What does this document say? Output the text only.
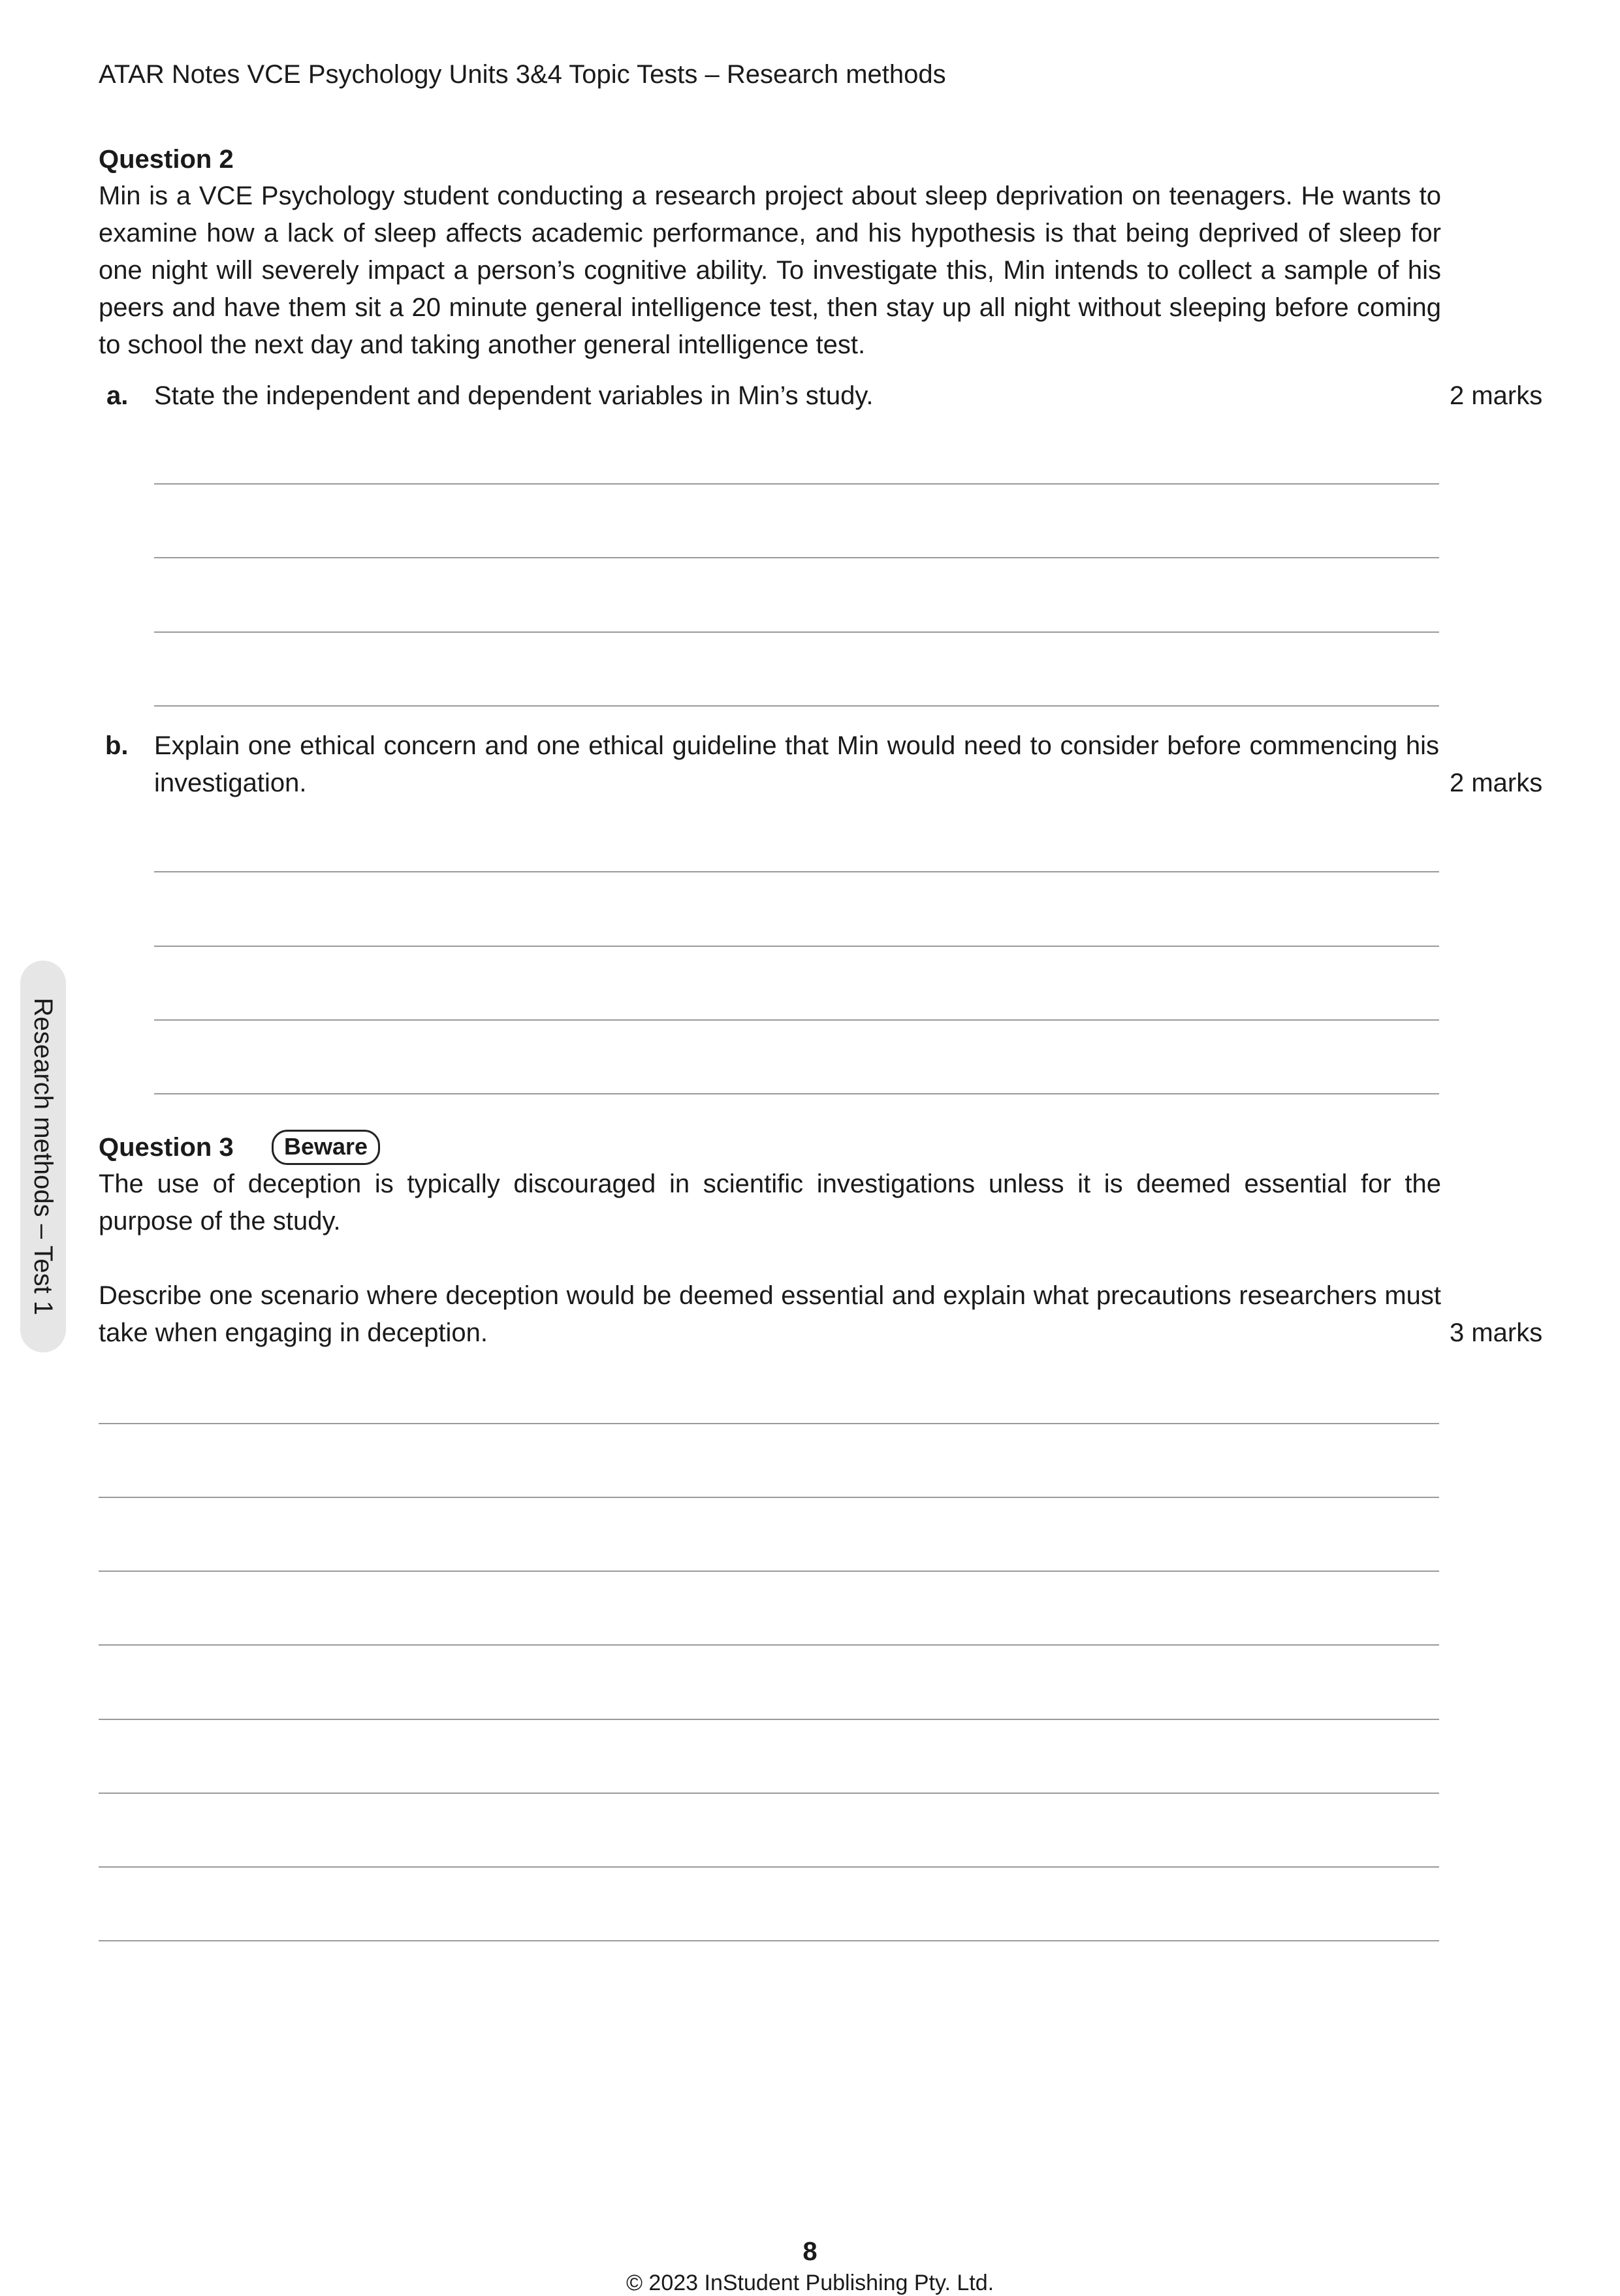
ATAR Notes VCE Psychology Units 3&4 Topic Tests – Research methods
Research methods – Test 1
Question 2
Min is a VCE Psychology student conducting a research project about sleep deprivation on teenagers. He wants to examine how a lack of sleep affects academic performance, and his hypothesis is that being deprived of sleep for one night will severely impact a person’s cognitive ability. To investigate this, Min intends to collect a sample of his peers and have them sit a 20 minute general intelligence test, then stay up all night without sleeping before coming to school the next day and taking another general intelligence test.
a. State the independent and dependent variables in Min’s study.	2 marks
b. Explain one ethical concern and one ethical guideline that Min would need to consider before commencing his investigation.	2 marks
Question 3	Beware
The use of deception is typically discouraged in scientific investigations unless it is deemed essential for the purpose of the study.
Describe one scenario where deception would be deemed essential and explain what precautions researchers must take when engaging in deception.	3 marks
8
© 2023 InStudent Publishing Pty. Ltd.
